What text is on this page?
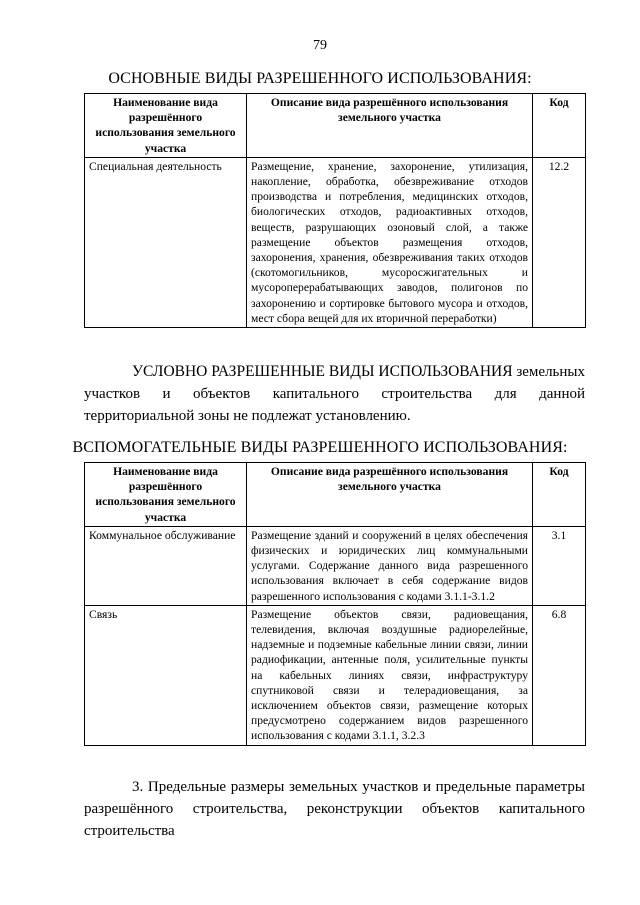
79
ОСНОВНЫЕ ВИДЫ РАЗРЕШЕННОГО ИСПОЛЬЗОВАНИЯ:
Наименование вида разрешённого использования земельного участка	Описание вида разрешённого использования земельного участка	Код
Специальная деятельность	Размещение, хранение, захоронение, утилизация, накопление, обработка, обезвреживание отходов производства и потребления, медицинских отходов, биологических отходов, радиоактивных отходов, веществ, разрушающих озоновый слой, а также размещение объектов размещения отходов, захоронения, хранения, обезвреживания таких отходов (скотомогильников, мусоросжигательных и мусороперерабатывающих заводов, полигонов по захоронению и сортировке бытового мусора и отходов, мест сбора вещей для их вторичной переработки)	12.2
УСЛОВНО РАЗРЕШЕННЫЕ ВИДЫ ИСПОЛЬЗОВАНИЯ земельных участков и объектов капитального строительства для данной территориальной зоны не подлежат установлению.
ВСПОМОГАТЕЛЬНЫЕ ВИДЫ РАЗРЕШЕННОГО ИСПОЛЬЗОВАНИЯ:
Наименование вида разрешённого использования земельного участка	Описание вида разрешённого использования земельного участка	Код
Коммунальное обслуживание	Размещение зданий и сооружений в целях обеспечения физических и юридических лиц коммунальными услугами. Содержание данного вида разрешенного использования включает в себя содержание видов разрешенного использования с кодами 3.1.1-3.1.2	3.1
Связь	Размещение объектов связи, радиовещания, телевидения, включая воздушные радиорелейные, надземные и подземные кабельные линии связи, линии радиофикации, антенные поля, усилительные пункты на кабельных линиях связи, инфраструктуру спутниковой связи и телерадиовещания, за исключением объектов связи, размещение которых предусмотрено содержанием видов разрешенного использования с кодами 3.1.1, 3.2.3	6.8
3. Предельные размеры земельных участков и предельные параметры разрешённого строительства, реконструкции объектов капитального строительства
